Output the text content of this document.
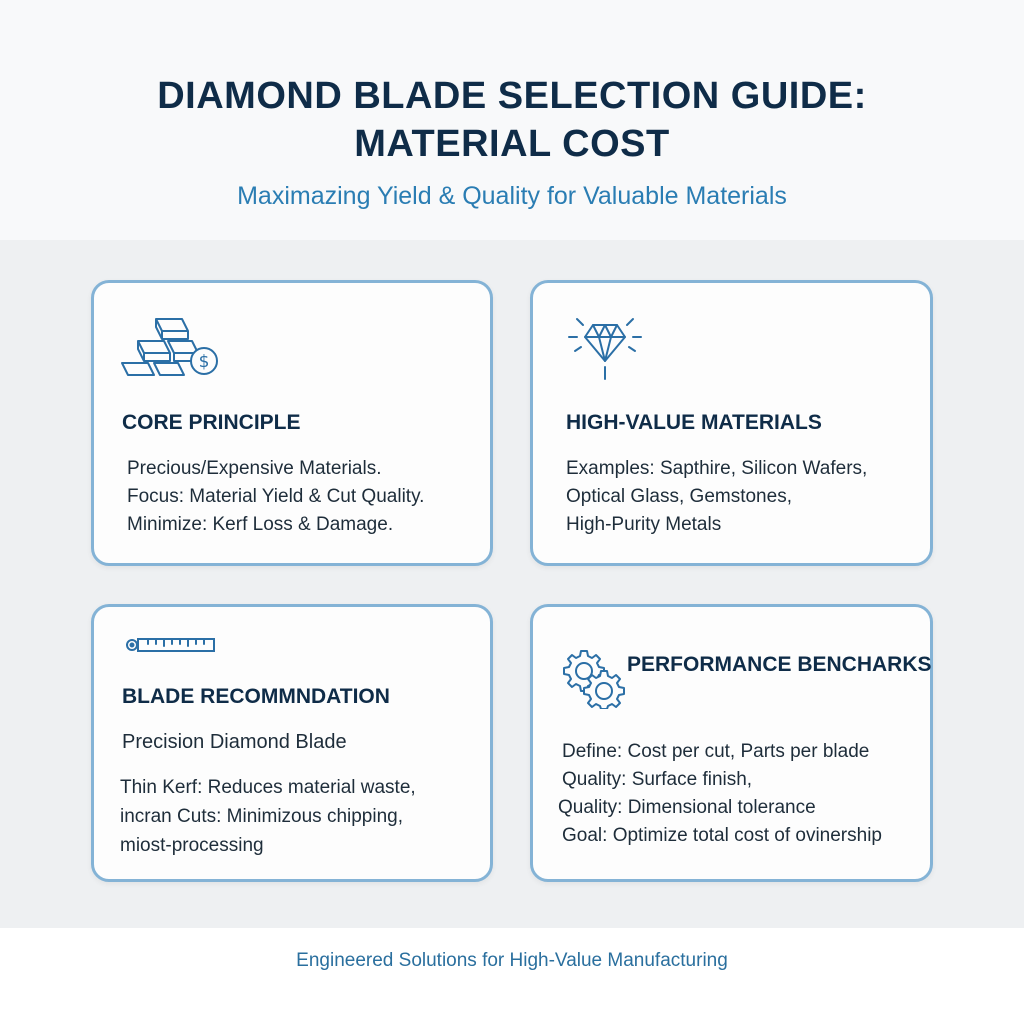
DIAMOND BLADE SELECTION GUIDE:
MATERIAL COST
Maximazing Yield & Quality for Valuable Materials
$
CORE PRINCIPLE
Precious/Expensive Materials.
Focus: Material Yield & Cut Quality.
Minimize: Kerf Loss & Damage.
HIGH-VALUE MATERIALS
Examples: Sapthire, Silicon Wafers,
Optical Glass, Gemstones,
High-Purity Metals
BLADE RECOMMNDATION
Precision Diamond Blade
Thin Kerf: Reduces material waste,
incran Cuts: Minimizous chipping,
miost-processing
PERFORMANCE BENCHARKS
Define: Cost per cut, Parts per blade
Quality: Surface finish,
Quality: Dimensional tolerance
Goal: Optimize total cost of ovinership
Engineered Solutions for High-Value Manufacturing
